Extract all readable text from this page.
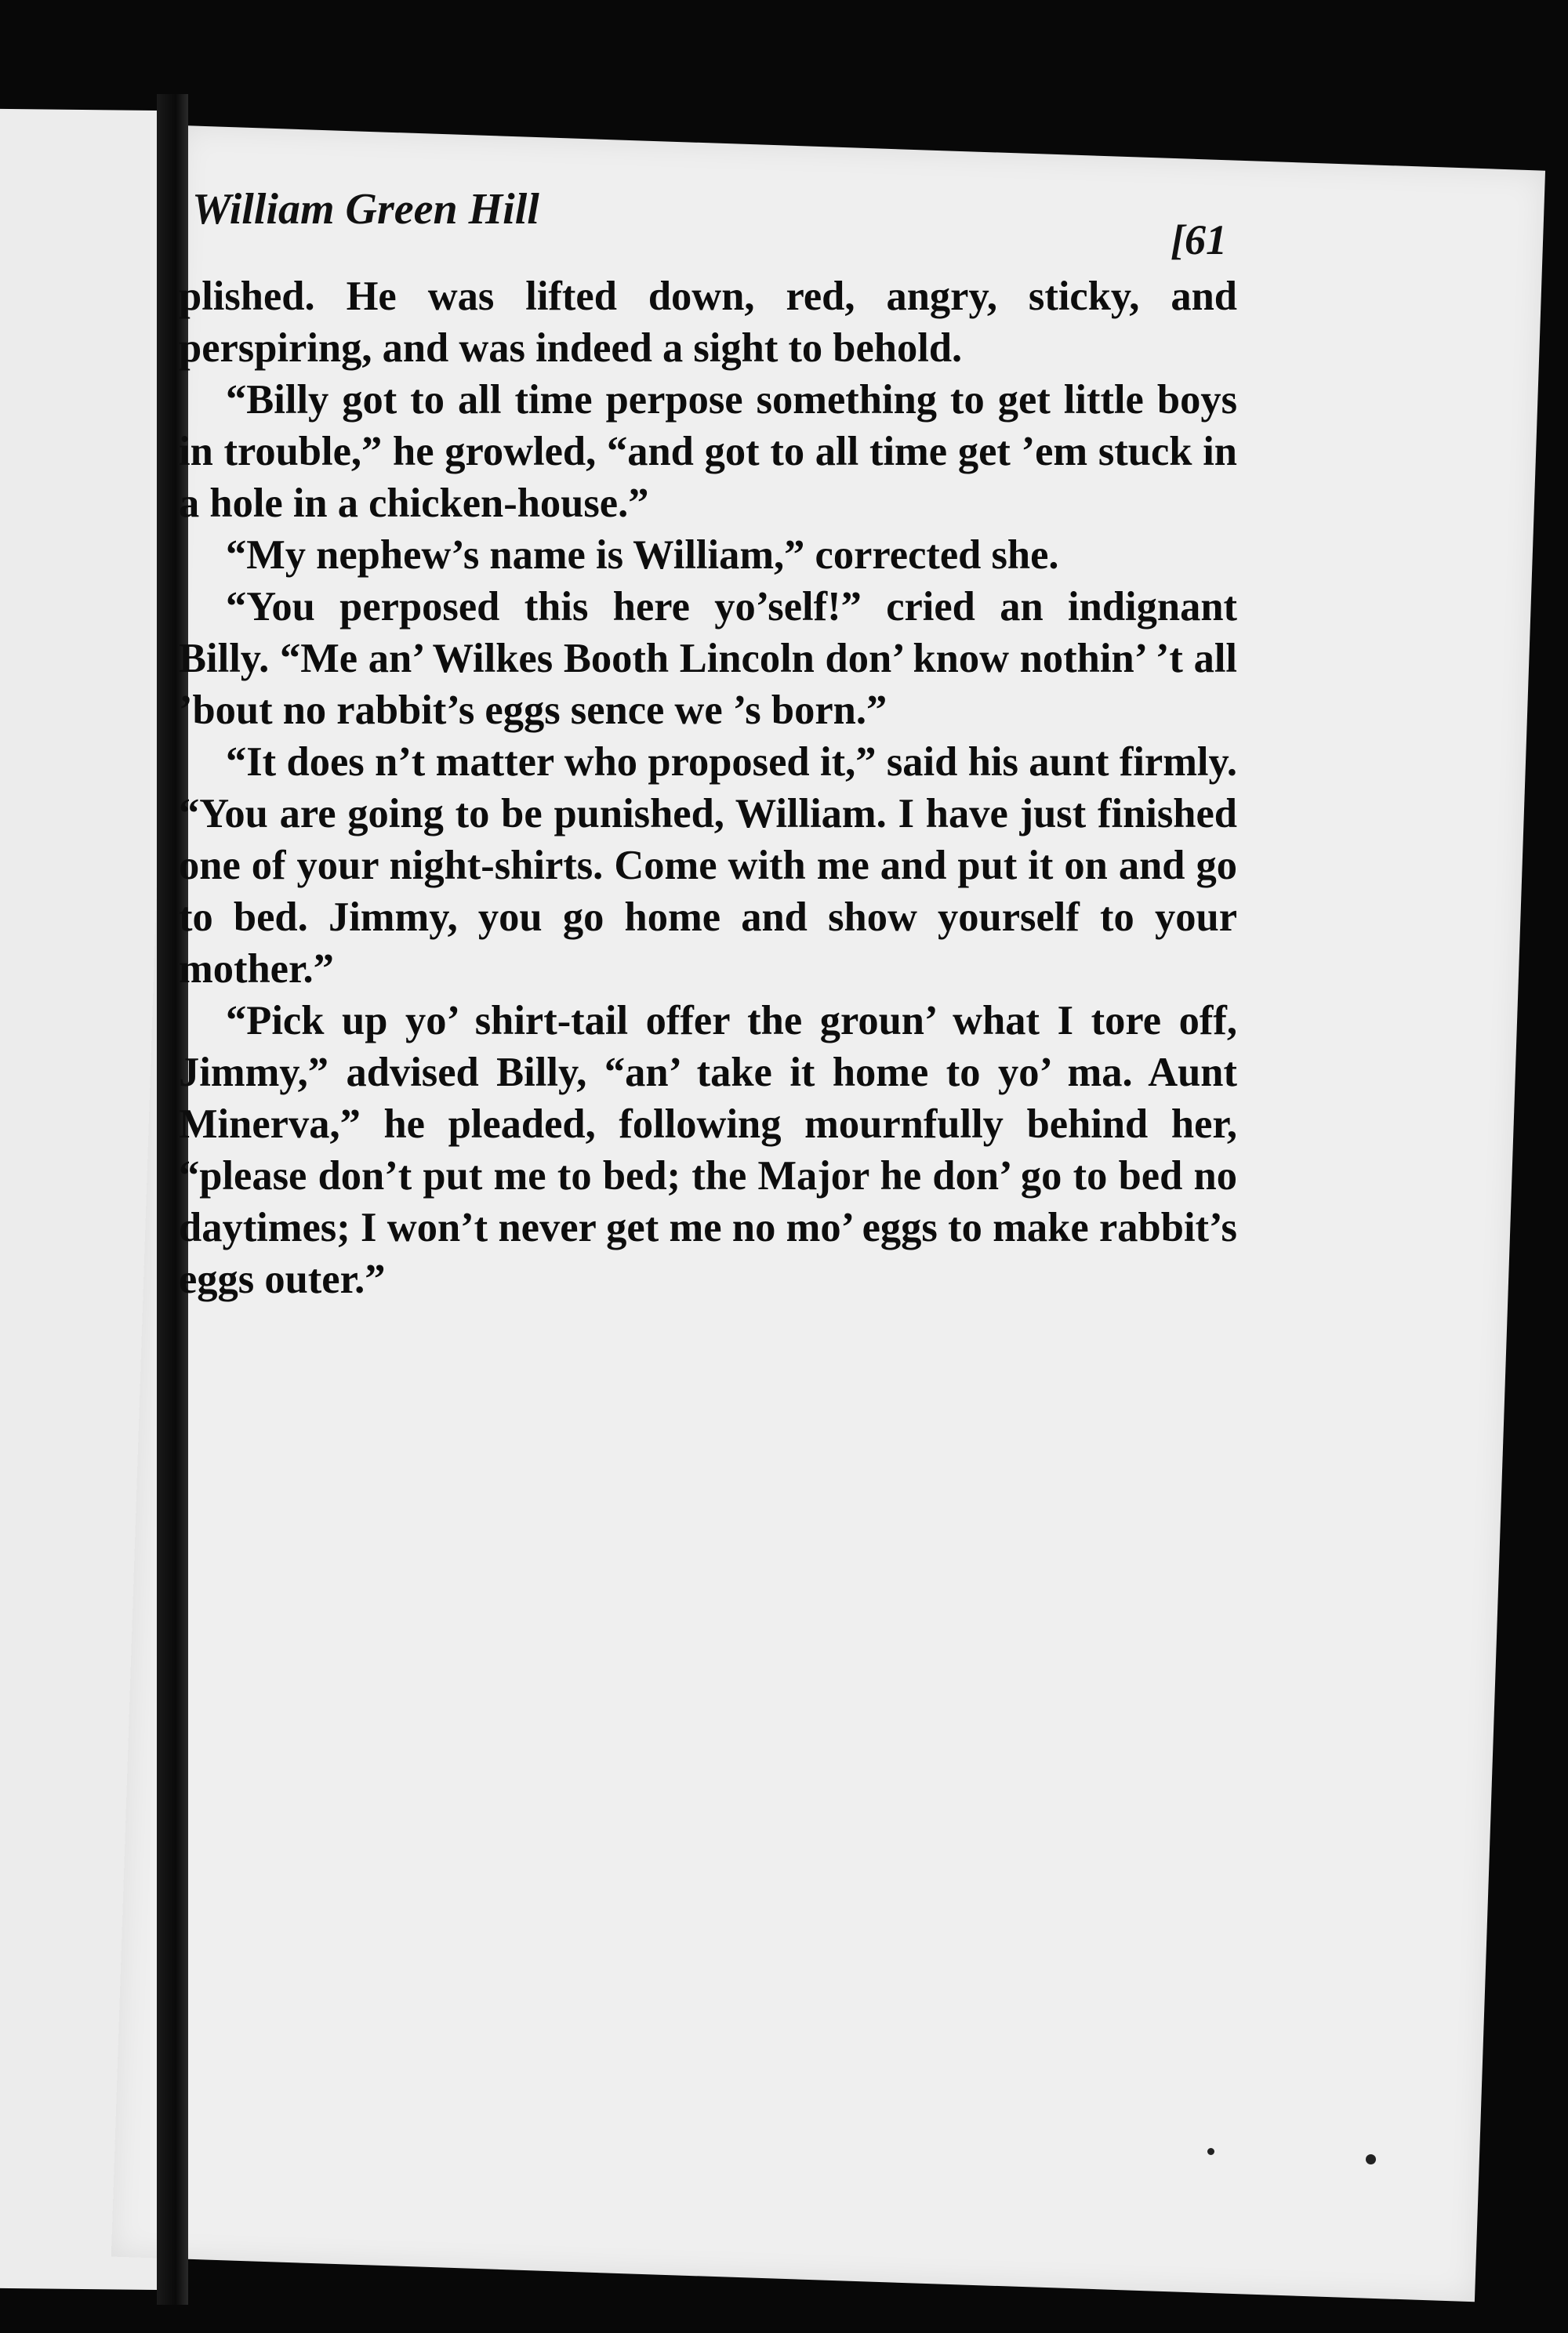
William Green Hill
[61

plished. He was lifted down, red, angry, sticky, and perspiring, and was indeed a sight to behold.

“Billy got to all time perpose something to get little boys in trouble,” he growled, “and got to all time get ’em stuck in a hole in a chicken-house.”

“My nephew’s name is William,” corrected she.

“You perposed this here yo’self!” cried an indignant Billy. “Me an’ Wilkes Booth Lincoln don’ know nothin’ ’t all ’bout no rabbit’s eggs sence we ’s born.”

“It does n’t matter who proposed it,” said his aunt firmly. “You are going to be punished, William. I have just finished one of your night-shirts. Come with me and put it on and go to bed. Jimmy, you go home and show yourself to your mother.”

“Pick up yo’ shirt-tail offer the groun’ what I tore off, Jimmy,” advised Billy, “an’ take it home to yo’ ma. Aunt Minerva,” he pleaded, following mournfully behind her, “please don’t put me to bed; the Major he don’ go to bed no daytimes; I won’t never get me no mo’ eggs to make rabbit’s eggs outer.”
